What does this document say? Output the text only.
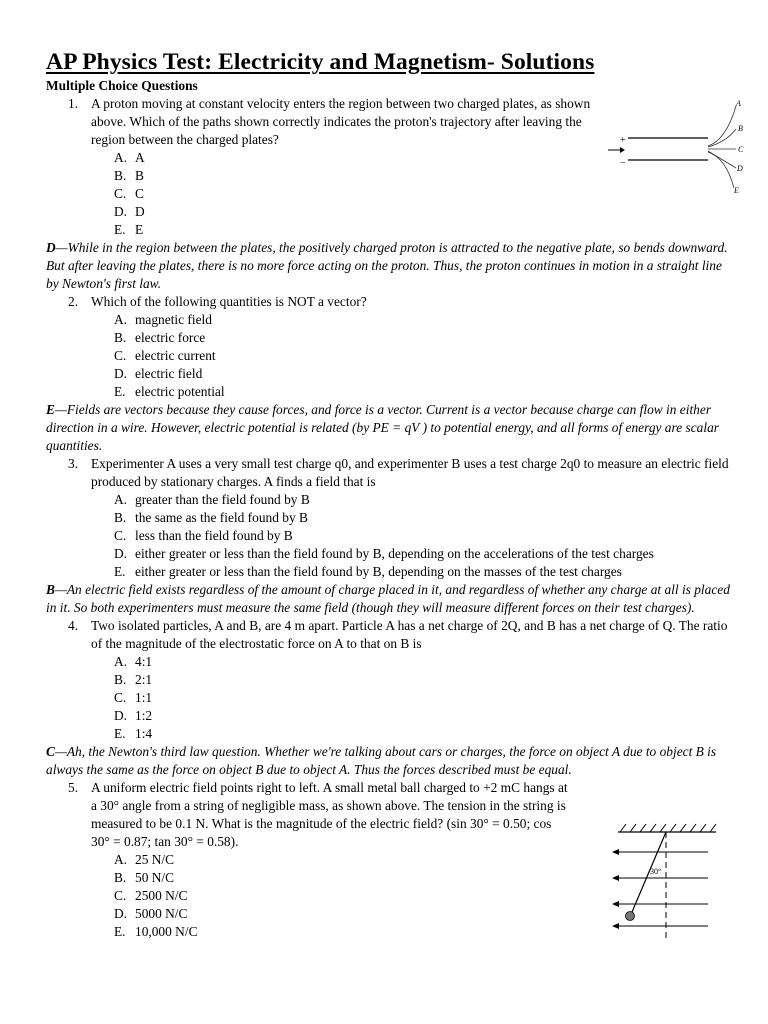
AP Physics Test: Electricity and Magnetism- Solutions
Multiple Choice Questions
1. A proton moving at constant velocity enters the region between two charged plates, as shown above. Which of the paths shown correctly indicates the proton's trajectory after leaving the region between the charged plates?
A. A
B. B
C. C
D. D
E. E

D—While in the region between the plates, the positively charged proton is attracted to the negative plate, so bends downward. But after leaving the plates, there is no more force acting on the proton. Thus, the proton continues in motion in a straight line by Newton's first law.

2. Which of the following quantities is NOT a vector?
A. magnetic field
B. electric force
C. electric current
D. electric field
E. electric potential

E—Fields are vectors because they cause forces, and force is a vector. Current is a vector because charge can flow in either direction in a wire. However, electric potential is related (by PE = qV ) to potential energy, and all forms of energy are scalar quantities.

3. Experimenter A uses a very small test charge q0, and experimenter B uses a test charge 2q0 to measure an electric field produced by stationary charges. A finds a field that is
A. greater than the field found by B
B. the same as the field found by B
C. less than the field found by B
D. either greater or less than the field found by B, depending on the accelerations of the test charges
E. either greater or less than the field found by B, depending on the masses of the test charges

B—An electric field exists regardless of the amount of charge placed in it, and regardless of whether any charge at all is placed in it. So both experimenters must measure the same field (though they will measure different forces on their test charges).

4. Two isolated particles, A and B, are 4 m apart. Particle A has a net charge of 2Q, and B has a net charge of Q. The ratio of the magnitude of the electrostatic force on A to that on B is
A. 4:1
B. 2:1
C. 1:1
D. 1:2
E. 1:4

C—Ah, the Newton's third law question. Whether we're talking about cars or charges, the force on object A due to object B is always the same as the force on object B due to object A. Thus the forces described must be equal.

5. A uniform electric field points right to left. A small metal ball charged to +2 mC hangs at a 30° angle from a string of negligible mass, as shown above. The tension in the string is measured to be 0.1 N. What is the magnitude of the electric field? (sin 30° = 0.50; cos 30° = 0.87; tan 30° = 0.58).
A. 25 N/C
B. 50 N/C
C. 2500 N/C
D. 5000 N/C
E. 10,000 N/C
+
−
A
B
C
D
E
30°
